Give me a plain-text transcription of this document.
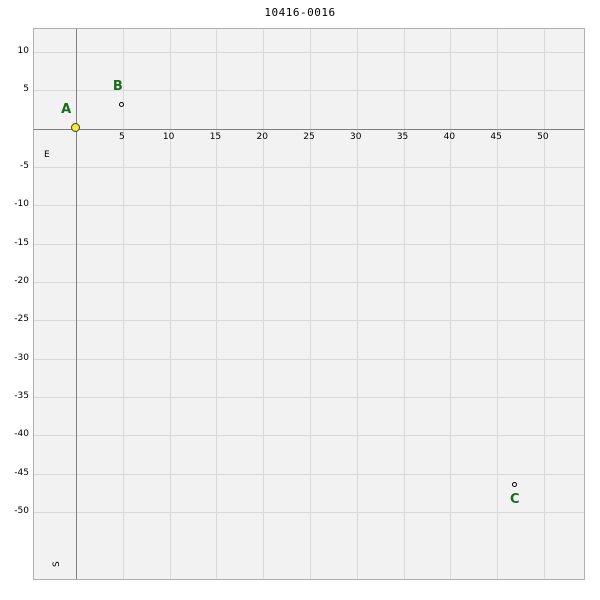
10416-0016
5	10	15	20	25	30	35	40	45	50
10
5
-5
-10
-15
-20
-25
-30
-35
-40
-45
-50
E
S
A
B
C
